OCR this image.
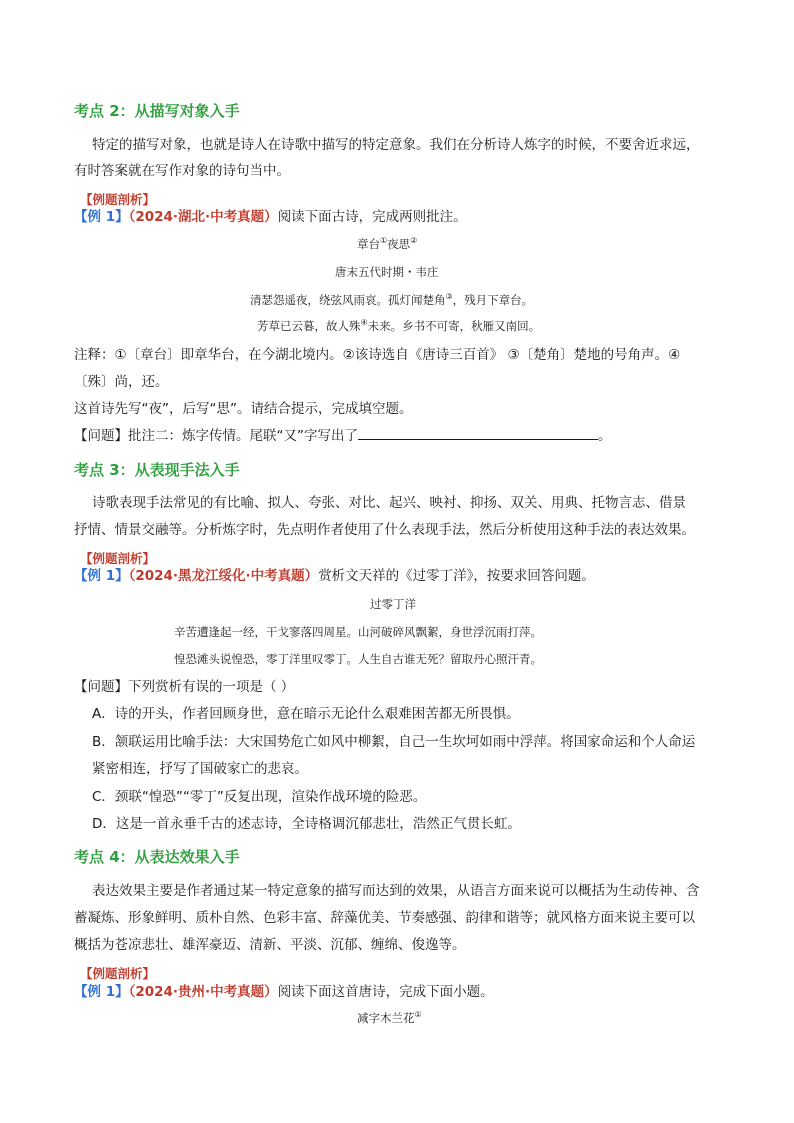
考点 2：从描写对象入手
特定的描写对象，也就是诗人在诗歌中描写的特定意象。我们在分析诗人炼字的时候，不要舍近求远，
有时答案就在写作对象的诗句当中。
【例题剖析】
【例 1】（2024·湖北·中考真题）阅读下面古诗，完成两则批注。
章台①夜思②
唐末五代时期・韦庄
清瑟怨遥夜，绕弦风雨哀。孤灯闻楚角③，残月下章台。
芳草已云暮，故人殊④未来。乡书不可寄，秋雁又南回。
注释：①〔章台〕即章华台，在今湖北境内。②该诗选自《唐诗三百首》 ③〔楚角〕楚地的号角声。④
〔殊〕尚，还。
这首诗先写“夜”，后写“思”。请结合提示，完成填空题。
【问题】批注二：炼字传情。尾联“又”字写出了	。
考点 3：从表现手法入手
诗歌表现手法常见的有比喻、拟人、夸张、对比、起兴、映衬、抑扬、双关、用典、托物言志、借景
抒情、情景交融等。分析炼字时，先点明作者使用了什么表现手法，然后分析使用这种手法的表达效果。
【例题剖析】
【例 1】（2024·黑龙江绥化·中考真题）赏析文天祥的《过零丁洋》，按要求回答问题。
过零丁洋
辛苦遭逢起一经，干戈寥落四周星。山河破碎风飘絮，身世浮沉雨打萍。
惶恐滩头说惶恐，零丁洋里叹零丁。人生自古谁无死？留取丹心照汗青。
【问题】下列赏析有误的一项是（ ）
A．诗的开头，作者回顾身世，意在暗示无论什么艰难困苦都无所畏惧。
B．颔联运用比喻手法：大宋国势危亡如风中柳絮，自己一生坎坷如雨中浮萍。将国家命运和个人命运
紧密相连，抒写了国破家亡的悲哀。
C．颈联“惶恐”“零丁”反复出现，渲染作战环境的险恶。
D．这是一首永垂千古的述志诗，全诗格调沉郁悲壮，浩然正气贯长虹。
考点 4：从表达效果入手
表达效果主要是作者通过某一特定意象的描写而达到的效果，从语言方面来说可以概括为生动传神、含
蓄凝炼、形象鲜明、质朴自然、色彩丰富、辞藻优美、节奏感强、韵律和谐等；就风格方面来说主要可以
概括为苍凉悲壮、雄浑豪迈、清新、平淡、沉郁、缠绵、俊逸等。
【例题剖析】
【例 1】（2024·贵州·中考真题）阅读下面这首唐诗，完成下面小题。
减字木兰花①
